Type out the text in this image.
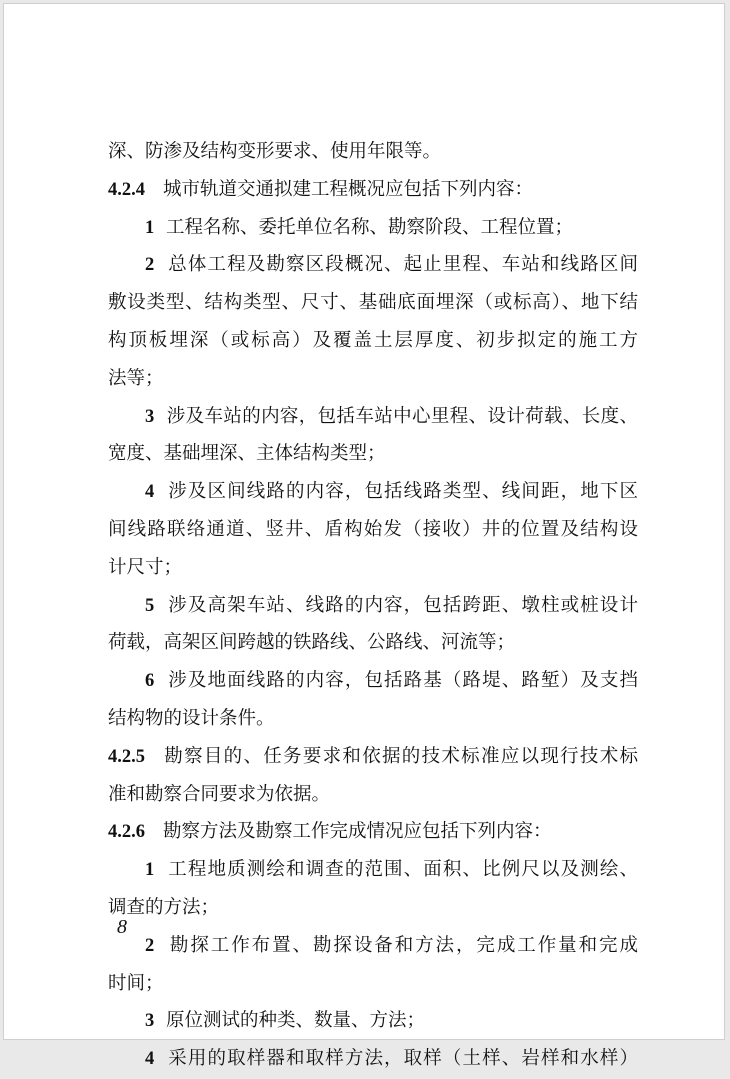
深、防渗及结构变形要求、使用年限等。
4.2.4 城市轨道交通拟建工程概况应包括下列内容：
1 工程名称、委托单位名称、勘察阶段、工程位置；
2 总体工程及勘察区段概况、起止里程、车站和线路区间
敷设类型、结构类型、尺寸、基础底面埋深（或标高）、地下结
构顶板埋深（或标高）及覆盖土层厚度、初步拟定的施工方
法等；
3 涉及车站的内容，包括车站中心里程、设计荷载、长度、
宽度、基础埋深、主体结构类型；
4 涉及区间线路的内容，包括线路类型、线间距，地下区
间线路联络通道、竖井、盾构始发（接收）井的位置及结构设
计尺寸；
5 涉及高架车站、线路的内容，包括跨距、墩柱或桩设计
荷载，高架区间跨越的铁路线、公路线、河流等；
6 涉及地面线路的内容，包括路基（路堤、路堑）及支挡
结构物的设计条件。
4.2.5 勘察目的、任务要求和依据的技术标准应以现行技术标
准和勘察合同要求为依据。
4.2.6 勘察方法及勘察工作完成情况应包括下列内容：
1 工程地质测绘和调查的范围、面积、比例尺以及测绘、
调查的方法；
2 勘探工作布置、勘探设备和方法，完成工作量和完成
时间；
3 原位测试的种类、数量、方法；
4 采用的取样器和取样方法，取样（土样、岩样和水样）
8
